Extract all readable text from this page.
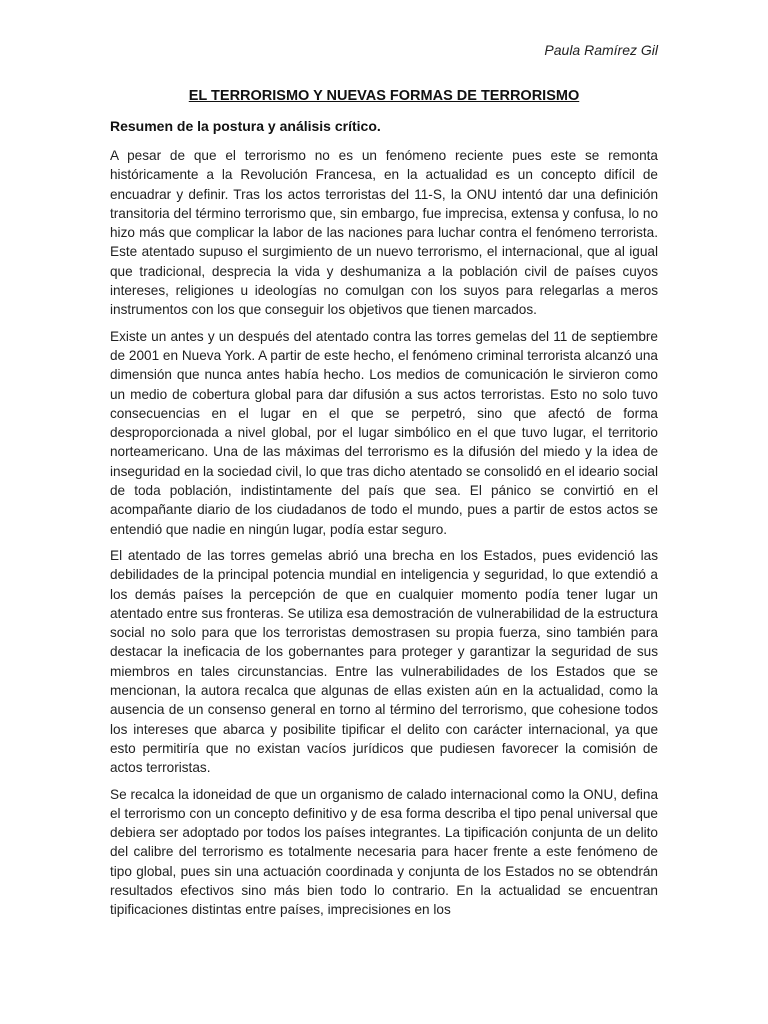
Paula Ramírez Gil
EL TERRORISMO Y NUEVAS FORMAS DE TERRORISMO
Resumen de la postura y análisis crítico.

A pesar de que el terrorismo no es un fenómeno reciente pues este se remonta históricamente a la Revolución Francesa, en la actualidad es un concepto difícil de encuadrar y definir. Tras los actos terroristas del 11-S, la ONU intentó dar una definición transitoria del término terrorismo que, sin embargo, fue imprecisa, extensa y confusa, lo no hizo más que complicar la labor de las naciones para luchar contra el fenómeno terrorista. Este atentado supuso el surgimiento de un nuevo terrorismo, el internacional, que al igual que tradicional, desprecia la vida y deshumaniza a la población civil de países cuyos intereses, religiones u ideologías no comulgan con los suyos para relegarlas a meros instrumentos con los que conseguir los objetivos que tienen marcados.

Existe un antes y un después del atentado contra las torres gemelas del 11 de septiembre de 2001 en Nueva York. A partir de este hecho, el fenómeno criminal terrorista alcanzó una dimensión que nunca antes había hecho. Los medios de comunicación le sirvieron como un medio de cobertura global para dar difusión a sus actos terroristas. Esto no solo tuvo consecuencias en el lugar en el que se perpetró, sino que afectó de forma desproporcionada a nivel global, por el lugar simbólico en el que tuvo lugar, el territorio norteamericano. Una de las máximas del terrorismo es la difusión del miedo y la idea de inseguridad en la sociedad civil, lo que tras dicho atentado se consolidó en el ideario social de toda población, indistintamente del país que sea. El pánico se convirtió en el acompañante diario de los ciudadanos de todo el mundo, pues a partir de estos actos se entendió que nadie en ningún lugar, podía estar seguro.

El atentado de las torres gemelas abrió una brecha en los Estados, pues evidenció las debilidades de la principal potencia mundial en inteligencia y seguridad, lo que extendió a los demás países la percepción de que en cualquier momento podía tener lugar un atentado entre sus fronteras. Se utiliza esa demostración de vulnerabilidad de la estructura social no solo para que los terroristas demostrasen su propia fuerza, sino también para destacar la ineficacia de los gobernantes para proteger y garantizar la seguridad de sus miembros en tales circunstancias. Entre las vulnerabilidades de los Estados que se mencionan, la autora recalca que algunas de ellas existen aún en la actualidad, como la ausencia de un consenso general en torno al término del terrorismo, que cohesione todos los intereses que abarca y posibilite tipificar el delito con carácter internacional, ya que esto permitiría que no existan vacíos jurídicos que pudiesen favorecer la comisión de actos terroristas.

Se recalca la idoneidad de que un organismo de calado internacional como la ONU, defina el terrorismo con un concepto definitivo y de esa forma describa el tipo penal universal que debiera ser adoptado por todos los países integrantes. La tipificación conjunta de un delito del calibre del terrorismo es totalmente necesaria para hacer frente a este fenómeno de tipo global, pues sin una actuación coordinada y conjunta de los Estados no se obtendrán resultados efectivos sino más bien todo lo contrario. En la actualidad se encuentran tipificaciones distintas entre países, imprecisiones en los
